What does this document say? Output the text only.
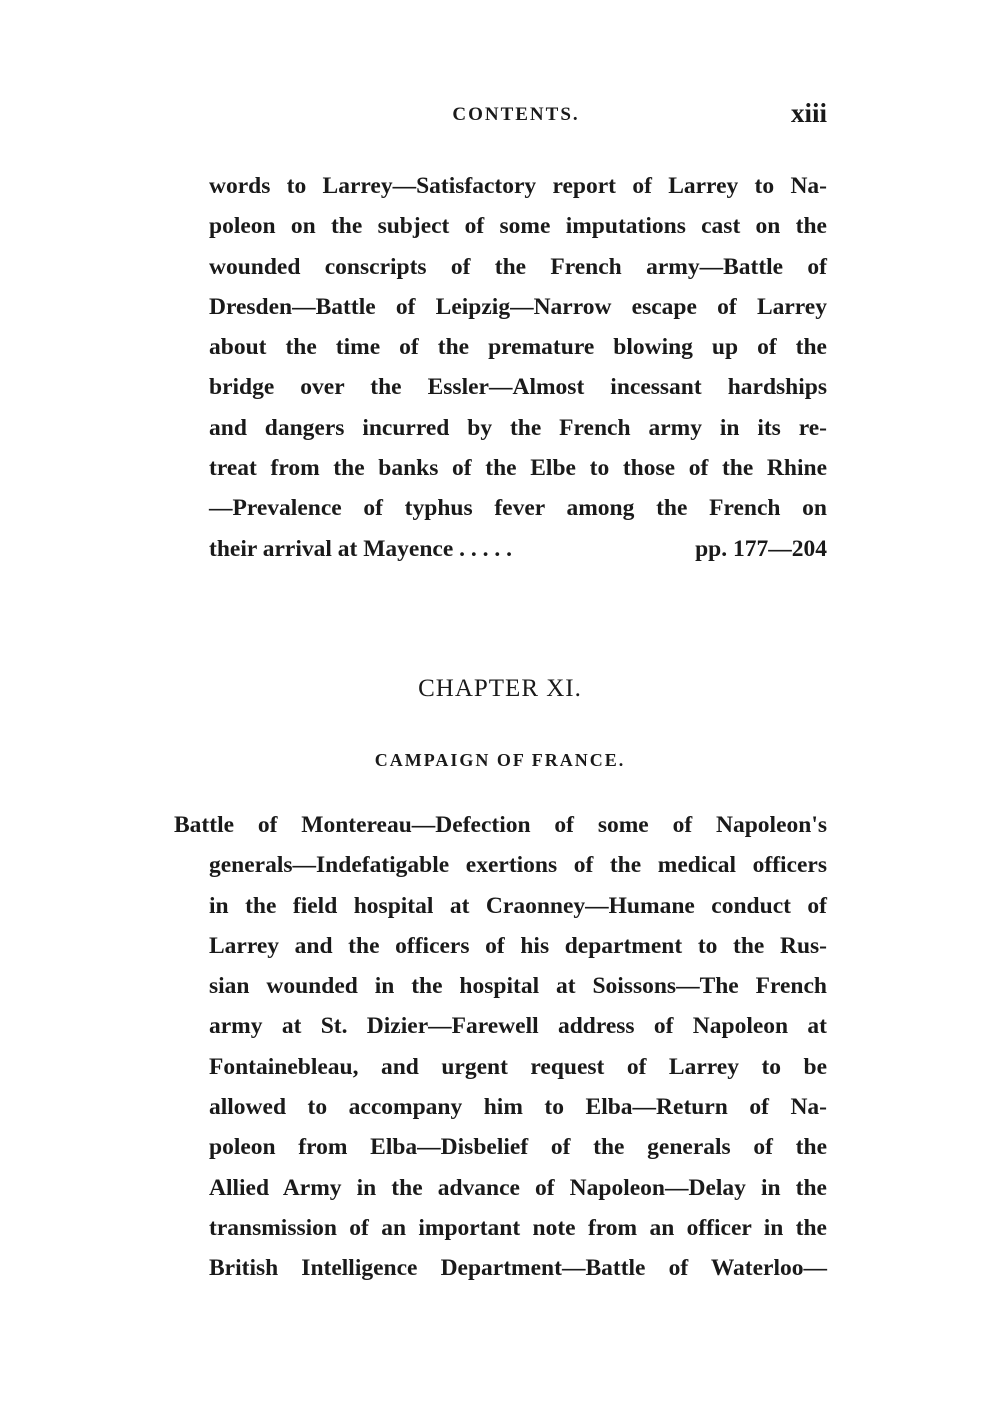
CONTENTS.	xiii
words to Larrey—Satisfactory report of Larrey to Na-
poleon on the subject of some imputations cast on the
wounded conscripts of the French army—Battle of
Dresden—Battle of Leipzig—Narrow escape of Larrey
about the time of the premature blowing up of the
bridge over the Essler—Almost incessant hardships
and dangers incurred by the French army in its re-
treat from the banks of the Elbe to those of the Rhine
—Prevalence of typhus fever among the French on
their arrival at Mayence . . . . .	pp. 177—204
CHAPTER XI.
CAMPAIGN OF FRANCE.
Battle of Montereau—Defection of some of Napoleon's
generals—Indefatigable exertions of the medical officers
in the field hospital at Craonney—Humane conduct of
Larrey and the officers of his department to the Rus-
sian wounded in the hospital at Soissons—The French
army at St. Dizier—Farewell address of Napoleon at
Fontainebleau, and urgent request of Larrey to be
allowed to accompany him to Elba—Return of Na-
poleon from Elba—Disbelief of the generals of the
Allied Army in the advance of Napoleon—Delay in the
transmission of an important note from an officer in the
British Intelligence Department—Battle of Waterloo—
